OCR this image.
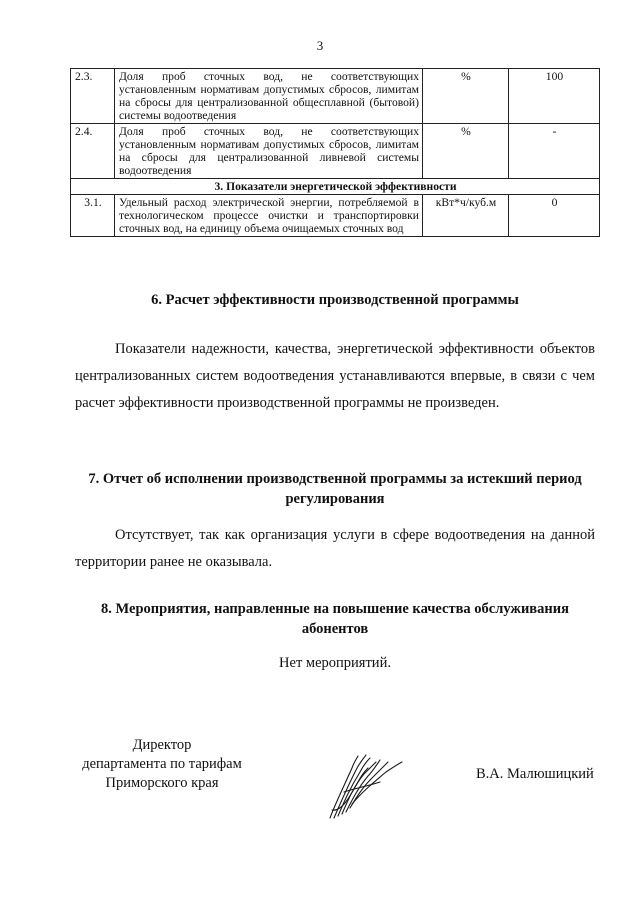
3
2.3.	Доля проб сточных вод, не соответствующих установленным нормативам допустимых сбросов, лимитам на сбросы для централизованной общесплавной (бытовой) системы водоотведения	%	100
2.4.	Доля проб сточных вод, не соответствующих установленным нормативам допустимых сбросов, лимитам на сбросы для централизованной ливневой системы водоотведения	%	-
3. Показатели энергетической эффективности			
3.1.	Удельный расход электрической энергии, потребляемой в технологическом процессе очистки и транспортировки сточных вод, на единицу объема очищаемых сточных вод	кВт*ч/куб.м	0
6. Расчет эффективности производственной программы
Показатели надежности, качества, энергетической эффективности объектов централизованных систем водоотведения устанавливаются впервые, в связи с чем расчет эффективности производственной программы не произведен.
7. Отчет об исполнении производственной программы за истекший период регулирования
Отсутствует, так как организация услуги в сфере водоотведения на данной территории ранее не оказывала.
8. Мероприятия, направленные на повышение качества обслуживания абонентов
Нет мероприятий.
Директор
департамента по тарифам
Приморского края
В.А. Малюшицкий
